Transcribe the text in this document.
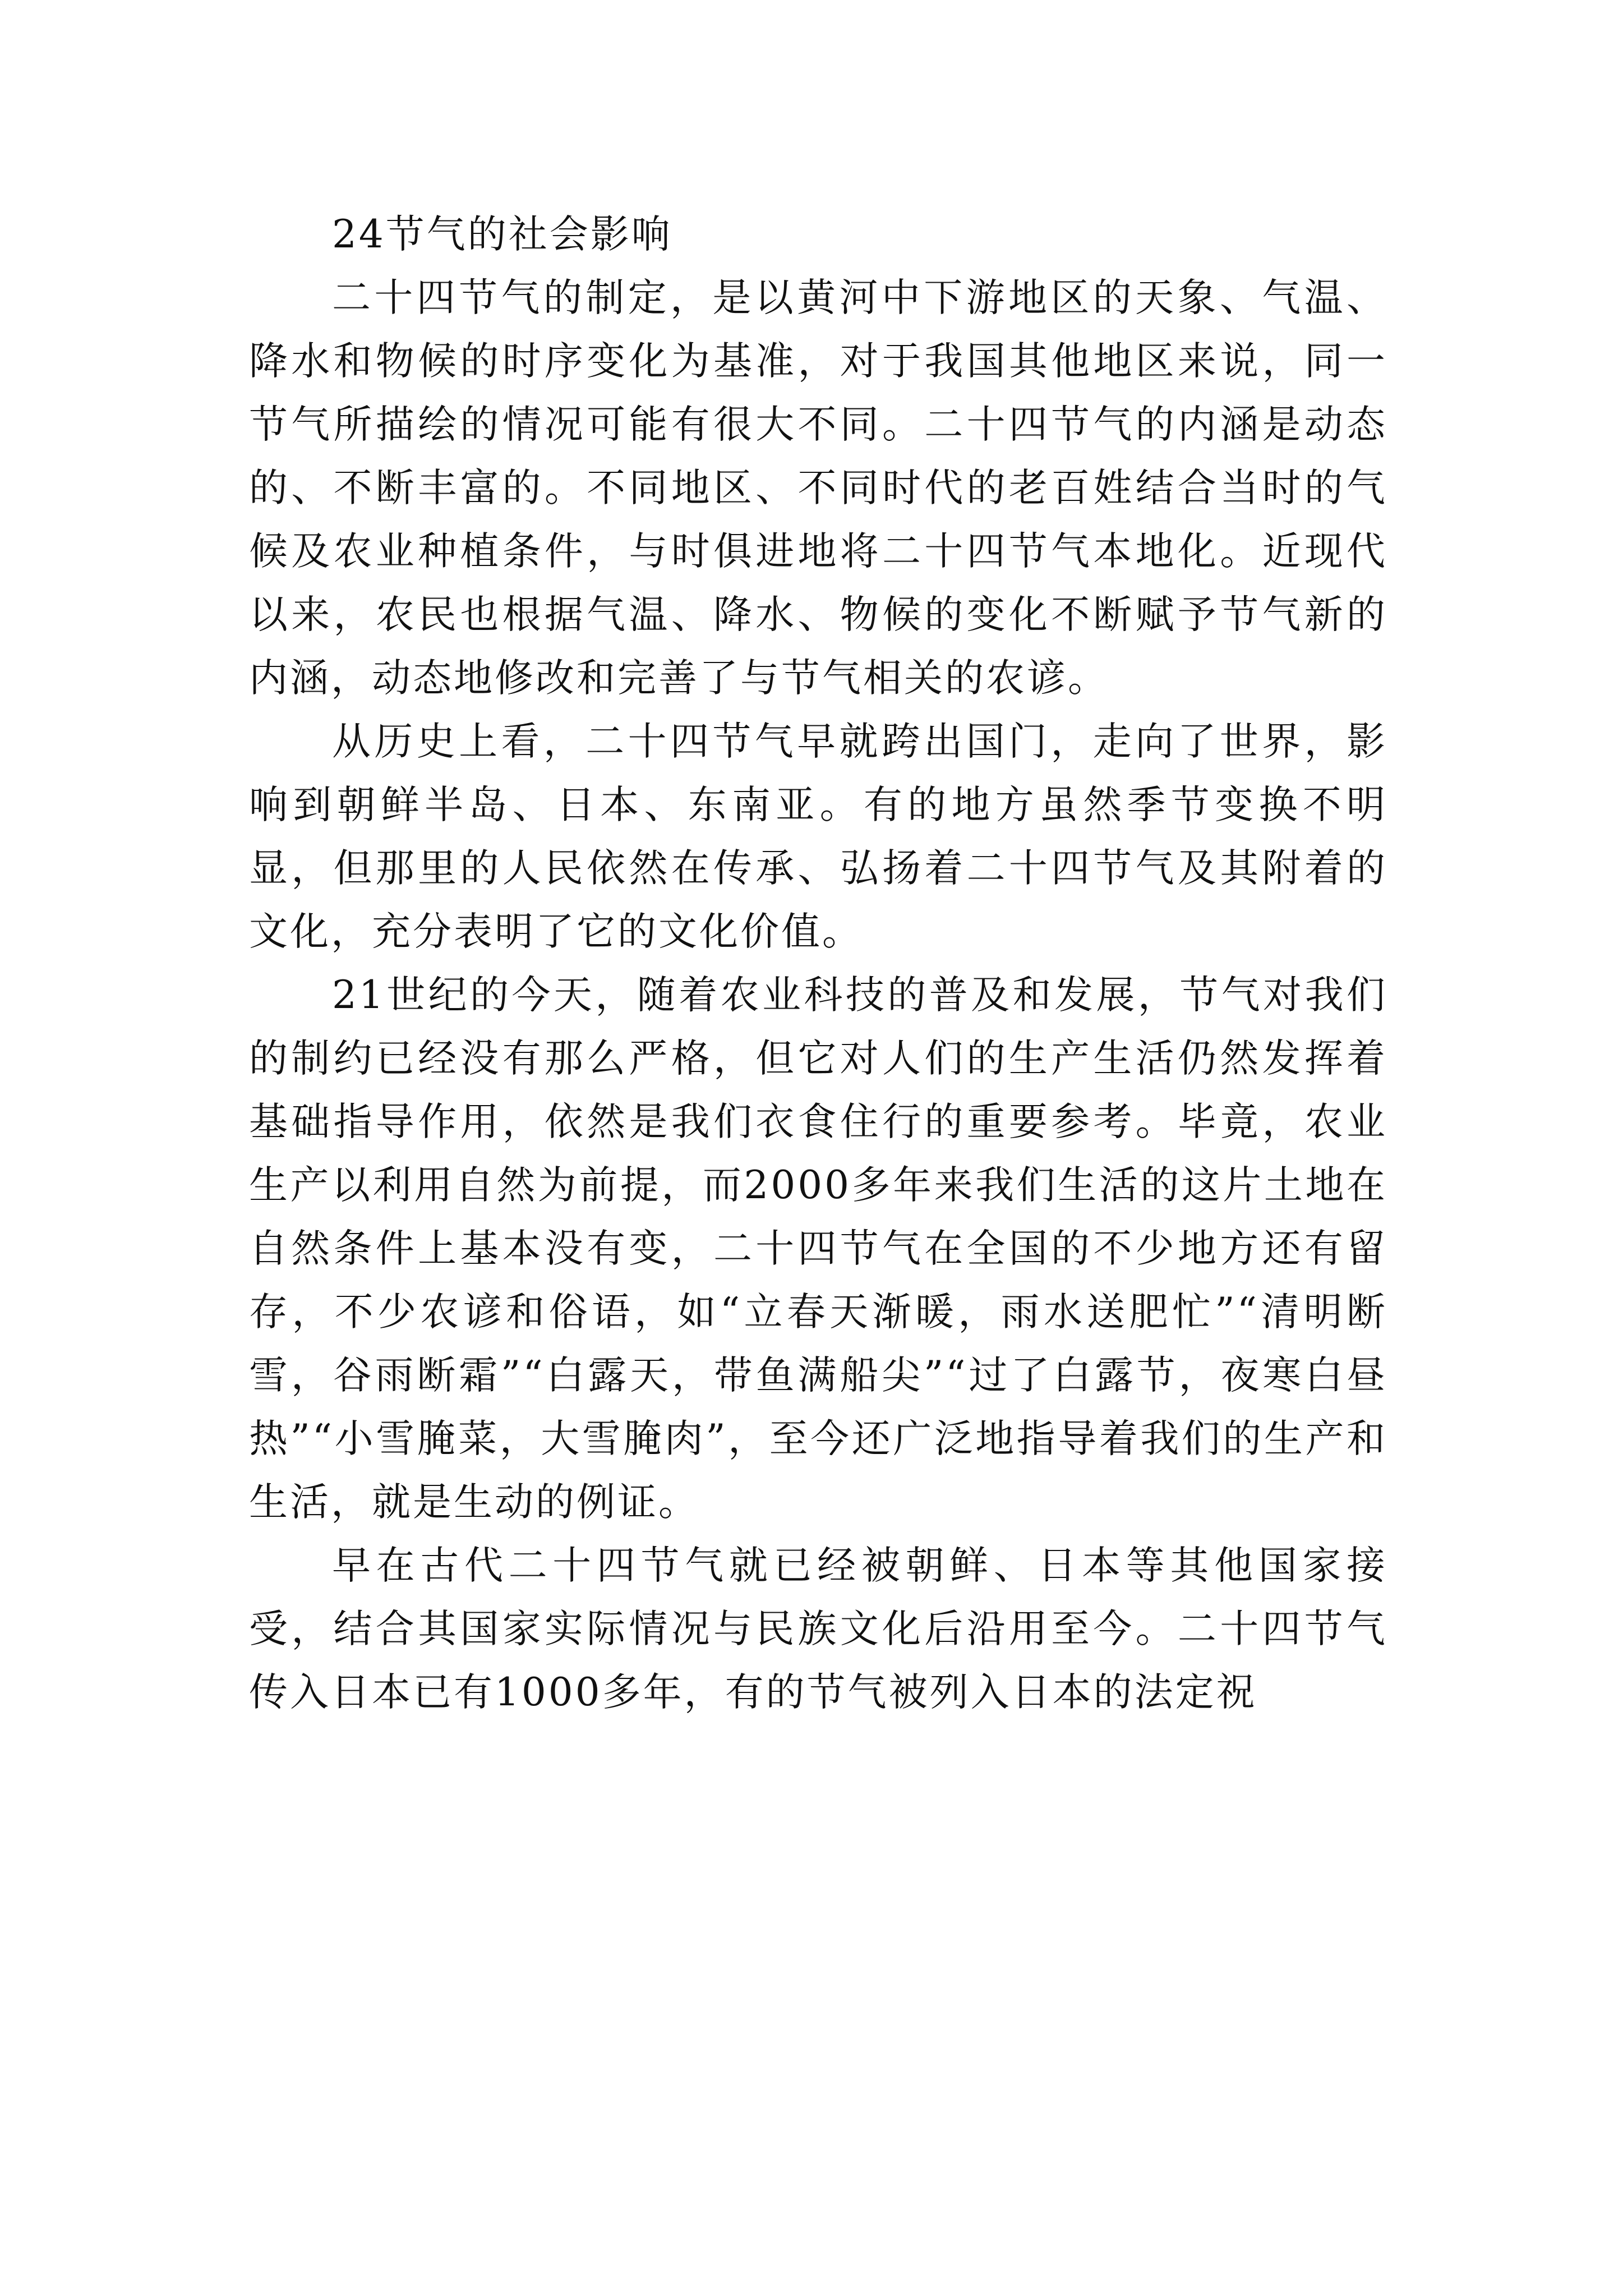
24节气的社会影响

二十四节气的制定，是以黄河中下游地区的天象、气温、降水和物候的时序变化为基准，对于我国其他地区来说，同一节气所描绘的情况可能有很大不同。二十四节气的内涵是动态的、不断丰富的。不同地区、不同时代的老百姓结合当时的气候及农业种植条件，与时俱进地将二十四节气本地化。近现代以来，农民也根据气温、降水、物候的变化不断赋予节气新的内涵，动态地修改和完善了与节气相关的农谚。

从历史上看，二十四节气早就跨出国门，走向了世界，影响到朝鲜半岛、日本、东南亚。有的地方虽然季节变换不明显，但那里的人民依然在传承、弘扬着二十四节气及其附着的文化，充分表明了它的文化价值。

21世纪的今天，随着农业科技的普及和发展，节气对我们的制约已经没有那么严格，但它对人们的生产生活仍然发挥着基础指导作用，依然是我们衣食住行的重要参考。毕竟，农业生产以利用自然为前提，而2000多年来我们生活的这片土地在自然条件上基本没有变，二十四节气在全国的不少地方还有留存，不少农谚和俗语，如“立春天渐暖，雨水送肥忙”“清明断雪，谷雨断霜”“白露天，带鱼满船尖”“过了白露节，夜寒白昼热”“小雪腌菜，大雪腌肉”，至今还广泛地指导着我们的生产和生活，就是生动的例证。

早在古代二十四节气就已经被朝鲜、日本等其他国家接受，结合其国家实际情况与民族文化后沿用至今。二十四节气传入日本已有1000多年，有的节气被列入日本的法定祝
